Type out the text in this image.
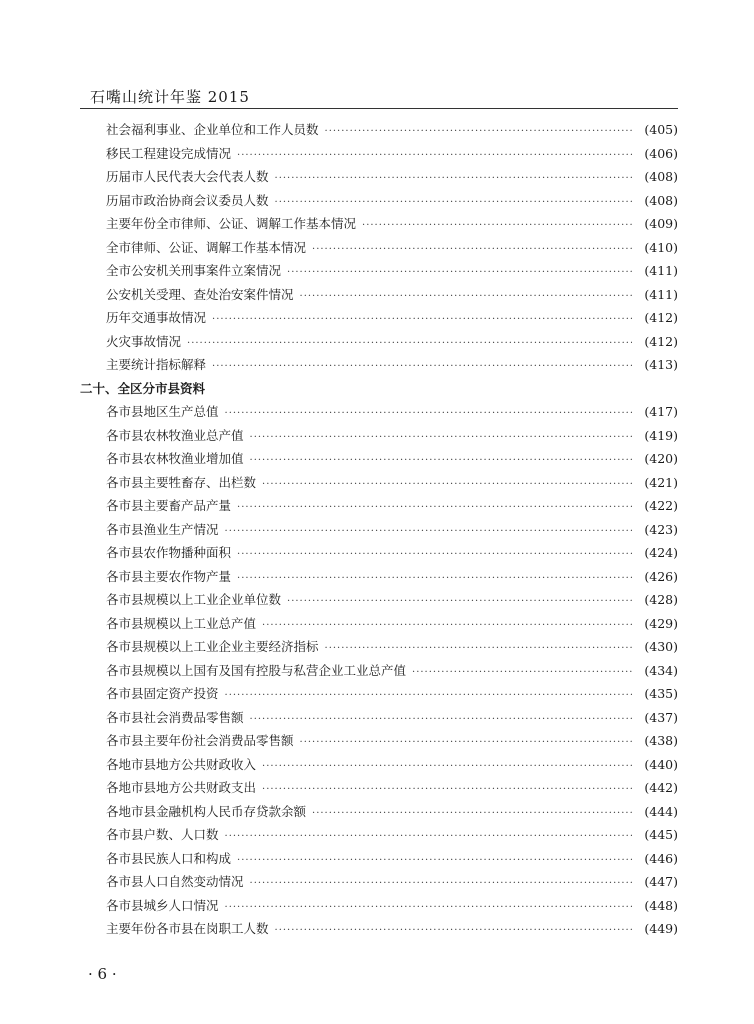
石嘴山统计年鉴 2015
社会福利事业、企业单位和工作人员数 ·····	(405)
移民工程建设完成情况 ·····	(406)
历届市人民代表大会代表人数 ·····	(408)
历届市政治协商会议委员人数 ·····	(408)
主要年份全市律师、公证、调解工作基本情况 ·····	(409)
全市律师、公证、调解工作基本情况 ·····	(410)
全市公安机关刑事案件立案情况 ·····	(411)
公安机关受理、查处治安案件情况 ·····	(411)
历年交通事故情况 ·····	(412)
火灾事故情况 ·····	(412)
主要统计指标解释 ·····	(413)
二十、全区分市县资料
各市县地区生产总值 ·····	(417)
各市县农林牧渔业总产值 ·····	(419)
各市县农林牧渔业增加值 ·····	(420)
各市县主要牲畜存、出栏数 ·····	(421)
各市县主要畜产品产量 ·····	(422)
各市县渔业生产情况 ·····	(423)
各市县农作物播种面积 ·····	(424)
各市县主要农作物产量 ·····	(426)
各市县规模以上工业企业单位数 ·····	(428)
各市县规模以上工业总产值 ·····	(429)
各市县规模以上工业企业主要经济指标 ·····	(430)
各市县规模以上国有及国有控股与私营企业工业总产值 ·····	(434)
各市县固定资产投资 ·····	(435)
各市县社会消费品零售额 ·····	(437)
各市县主要年份社会消费品零售额 ·····	(438)
各地市县地方公共财政收入 ·····	(440)
各地市县地方公共财政支出 ·····	(442)
各地市县金融机构人民币存贷款余额 ·····	(444)
各市县户数、人口数 ·····	(445)
各市县民族人口和构成 ·····	(446)
各市县人口自然变动情况 ·····	(447)
各市县城乡人口情况 ·····	(448)
主要年份各市县在岗职工人数 ·····	(449)
· 6 ·
